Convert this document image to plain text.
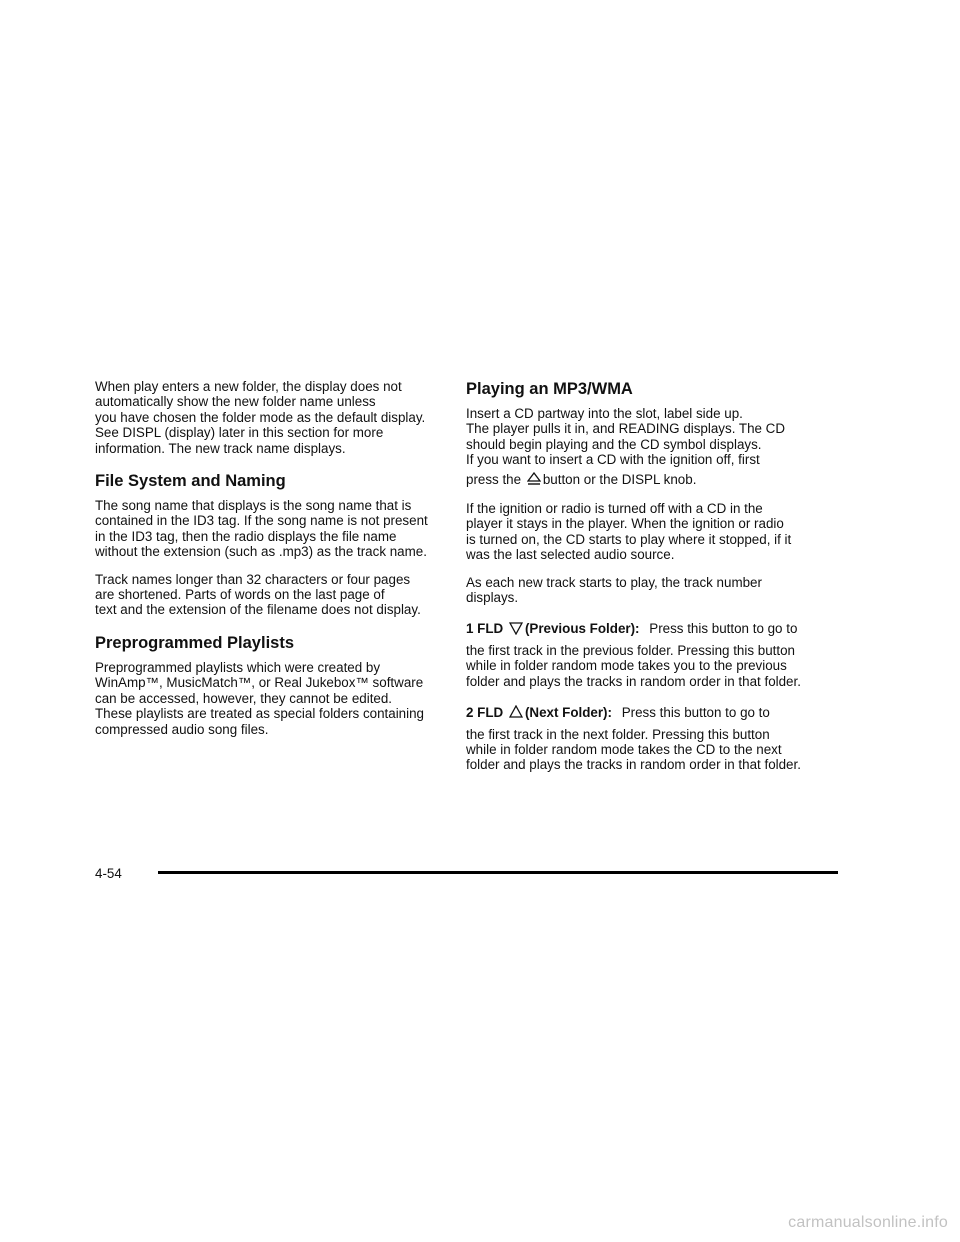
When play enters a new folder, the display does not
automatically show the new folder name unless
you have chosen the folder mode as the default display.
See DISPL (display) later in this section for more
information. The new track name displays.

File System and Naming

The song name that displays is the song name that is
contained in the ID3 tag. If the song name is not present
in the ID3 tag, then the radio displays the file name
without the extension (such as .mp3) as the track name.

Track names longer than 32 characters or four pages
are shortened. Parts of words on the last page of
text and the extension of the filename does not display.

Preprogrammed Playlists

Preprogrammed playlists which were created by
WinAmp™, MusicMatch™, or Real Jukebox™ software
can be accessed, however, they cannot be edited.
These playlists are treated as special folders containing
compressed audio song files.

Playing an MP3/WMA

Insert a CD partway into the slot, label side up.
The player pulls it in, and READING displays. The CD
should begin playing and the CD symbol displays.
If you want to insert a CD with the ignition off, first
press the button or the DISPL knob.

If the ignition or radio is turned off with a CD in the
player it stays in the player. When the ignition or radio
is turned on, the CD starts to play where it stopped, if it
was the last selected audio source.

As each new track starts to play, the track number
displays.

1 FLD (Previous Folder): Press this button to go to
the first track in the previous folder. Pressing this button
while in folder random mode takes you to the previous
folder and plays the tracks in random order in that folder.

2 FLD (Next Folder): Press this button to go to
the first track in the next folder. Pressing this button
while in folder random mode takes the CD to the next
folder and plays the tracks in random order in that folder.

4-54
carmanualsonline.info
